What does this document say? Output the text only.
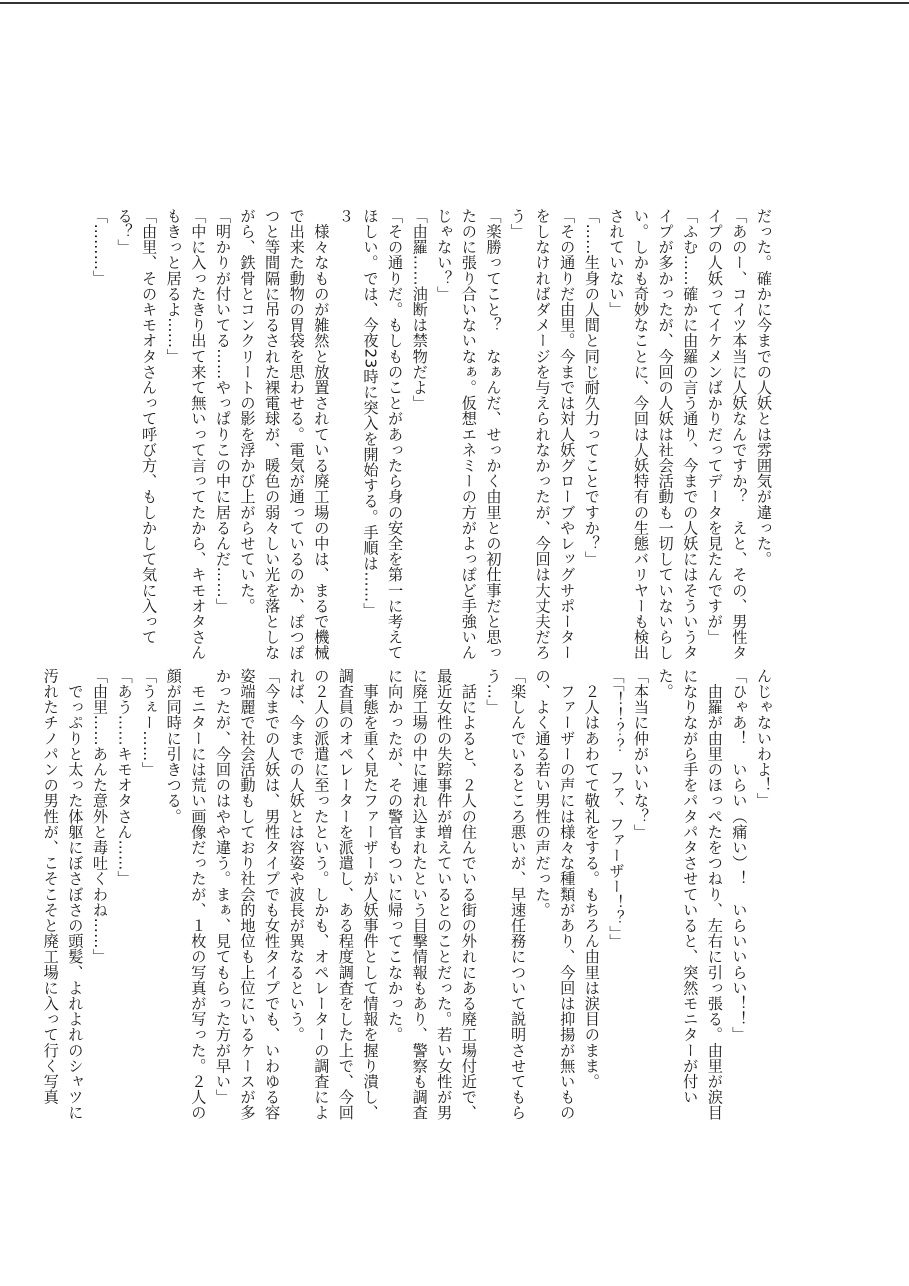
だった。確かに今までの人妖とは雰囲気が違った。
「あのー、コイツ本当に人妖なんですか？　えと、その、男性タ
イプの人妖ってイケメンばかりだってデータを見たんですが」
「ふむ……確かに由羅の言う通り、今までの人妖にはそういうタ
イプが多かったが、今回の人妖は社会活動も一切していないらし
い。しかも奇妙なことに、今回は人妖特有の生態バリヤーも検出
されていない」
「……生身の人間と同じ耐久力ってことですか？」
「その通りだ由里。今までは対人妖グローブやレッグサポーター
をしなければダメージを与えられなかったが、今回は大丈夫だろ
う」
「楽勝ってこと？　なぁんだ、せっかく由里との初仕事だと思っ
たのに張り合いないなぁ。仮想エネミーの方がよっぽど手強いん
じゃない？」
「由羅……油断は禁物だよ」
「その通りだ。もしものことがあったら身の安全を第一に考えて
ほしい。では、今夜23時に突入を開始する。手順は……」
３
　様々なものが雑然と放置されている廃工場の中は、まるで機械
で出来た動物の胃袋を思わせる。電気が通っているのか、ぽつぽ
つと等間隔に吊るされた裸電球が、暖色の弱々しい光を落としな
がら、鉄骨とコンクリートの影を浮かび上がらせていた。
「明かりが付いてる……やっぱりこの中に居るんだ……」
「中に入ったきり出て来て無いって言ってたから、キモオタさん
もきっと居るよ……」
「由里、そのキモオタさんって呼び方、もしかして気に入って
る？」
「………」
んじゃないわよ！」
「ひゃあ！　いらい（痛い）！　いらいいらい！！」
　由羅が由里のほっぺたをつねり、左右に引っ張る。由里が涙目
になりながら手をパタパタさせていると、突然モニターが付い
た。
「本当に仲がいいな？」
「「！！？？　ファ、ファーザー！？」」
　２人はあわてて敬礼をする。もちろん由里は涙目のまま。
　ファーザーの声には様々な種類があり、今回は抑揚が無いもの
の、よく通る若い男性の声だった。
「楽しんでいるところ悪いが、早速任務について説明させてもら
う…」
　話によると、２人の住んでいる街の外れにある廃工場付近で、
最近女性の失踪事件が増えているとのことだった。若い女性が男
に廃工場の中に連れ込まれたという目撃情報もあり、警察も調査
に向かったが、その警官もついに帰ってこなかった。
　事態を重く見たファーザーが人妖事件として情報を握り潰し、
調査員のオペレーターを派遣し、ある程度調査をした上で、今回
の２人の派遣に至ったという。しかも、オペレーターの調査によ
れば、今までの人妖とは容姿や波長が異なるという。
「今までの人妖は、男性タイプでも女性タイプでも、いわゆる容
姿端麗で社会活動もしており社会的地位も上位にいるケースが多
かったが、今回のはやや違う。まぁ、見てもらった方が早い」
　モニターには荒い画像だったが、１枚の写真が写った。２人の
顔が同時に引きつる。
「うぇー……」
「あう……キモオタさん……」
「由里……あんた意外と毒吐くわね……」
　でっぷりと太った体躯にぼさぼさの頭髪、よれよれのシャツに
汚れたチノパンの男性が、こそこそと廃工場に入って行く写真
